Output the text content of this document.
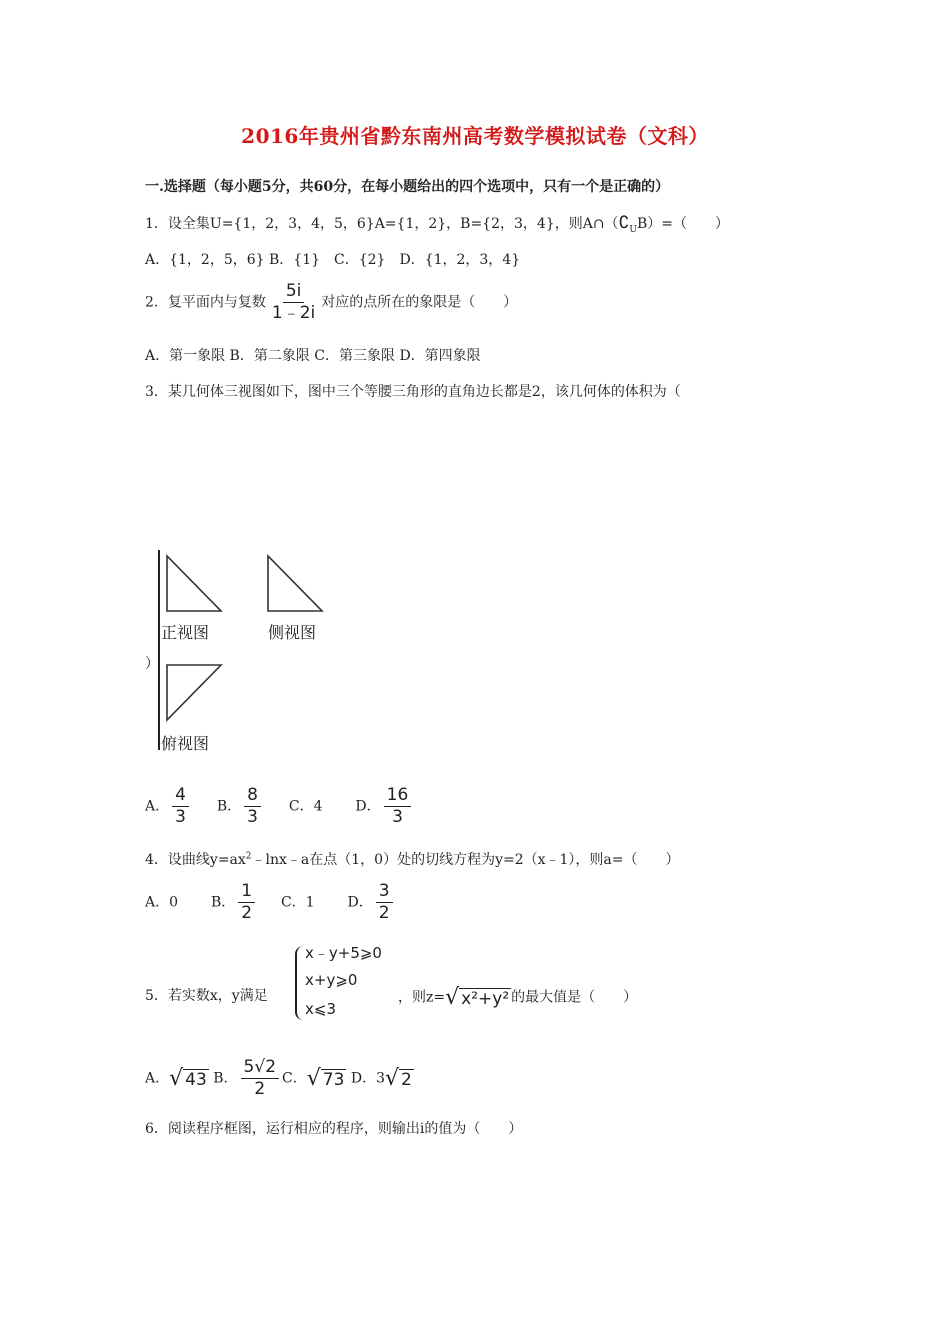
2016年贵州省黔东南州高考数学模拟试卷（文科）
一.选择题（每小题5分，共60分，在每小题给出的四个选项中，只有一个是正确的）
1．设全集U={1，2，3，4，5，6}A={1，2}，B={2，3，4}，则$A\cap(∁_UB)=$（　　）
A．{1，2，5，6} B．{1}　C．{2}　D．{1，2，3，4}
2．复平面内与复数 $\frac{5i}{1﹣2i}$ 对应的点所在的象限是（　　）
A．第一象限 B．第二象限 C．第三象限 D．第四象限
3．某几何体三视图如下，图中三个等腰三角形的直角边长都是2，该几何体的体积为（
）
正视图	侧视图
俯视图
A． $\frac{4}{3}$ B． $\frac{8}{3}$ C．4 D． $\frac{16}{3}$
4．设曲线$y=ax^2﹣\ln x﹣a$在点（1，0）处的切线方程为y=2（x﹣1），则a=（　　）
A．0 B． $\frac{1}{2}$ C．1 D． $\frac{3}{2}$
5．若实数x，y满足
x﹣y+5⩾0
x+y⩾0
x⩽3
，则z=√ x²+y² 的最大值是（　　）
A．√ 43 B． $\frac{5√2}{2}$ C．√ 73 D．3√ 2
6．阅读程序框图，运行相应的程序，则输出i的值为（　　）
